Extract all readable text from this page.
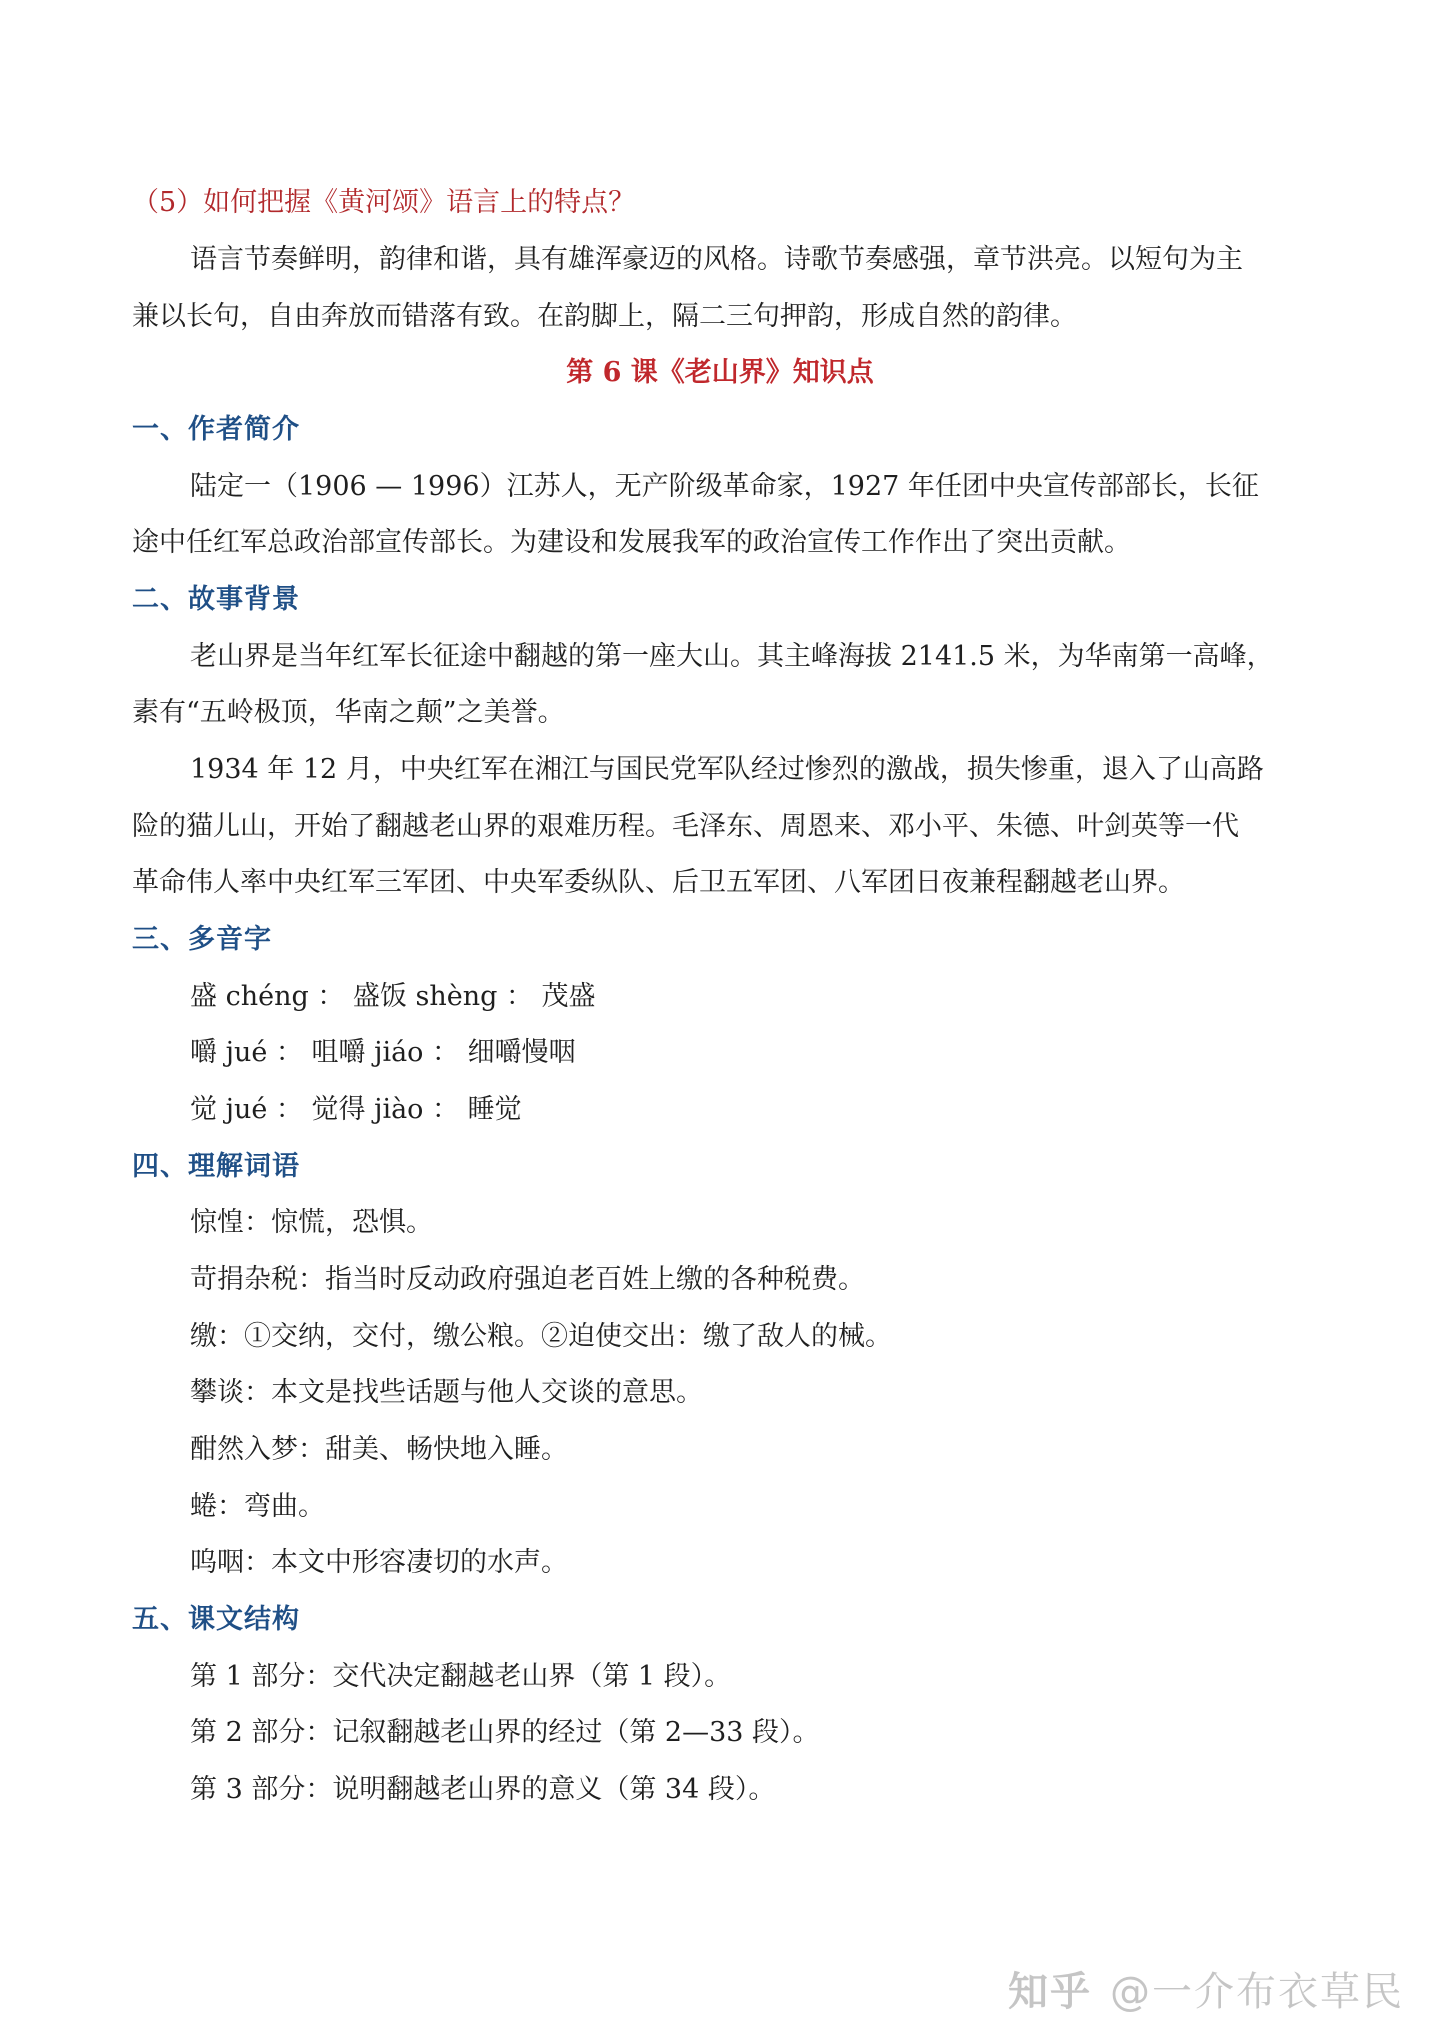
（5）如何把握《黄河颂》语言上的特点？
语言节奏鲜明，韵律和谐，具有雄浑豪迈的风格。诗歌节奏感强，章节洪亮。以短句为主
兼以长句，自由奔放而错落有致。在韵脚上，隔二三句押韵，形成自然的韵律。
第 6 课《老山界》知识点
一、作者简介
陆定一（1906 — 1996）江苏人，无产阶级革命家，1927 年任团中央宣传部部长，长征
途中任红军总政治部宣传部长。为建设和发展我军的政治宣传工作作出了突出贡献。
二、故事背景
老山界是当年红军长征途中翻越的第一座大山。其主峰海拔 2141.5 米，为华南第一高峰，
素有“五岭极顶，华南之颠”之美誉。
1934 年 12 月，中央红军在湘江与国民党军队经过惨烈的激战，损失惨重，退入了山高路
险的猫儿山，开始了翻越老山界的艰难历程。毛泽东、周恩来、邓小平、朱德、叶剑英等一代
革命伟人率中央红军三军团、中央军委纵队、后卫五军团、八军团日夜兼程翻越老山界。
三、多音字
盛 chéng ： 盛饭 shèng ： 茂盛
嚼 jué ： 咀嚼 jiáo ： 细嚼慢咽
觉 jué ： 觉得 jiào ： 睡觉
四、理解词语
惊惶：惊慌，恐惧。
苛捐杂税：指当时反动政府强迫老百姓上缴的各种税费。
缴：①交纳，交付，缴公粮。②迫使交出：缴了敌人的械。
攀谈：本文是找些话题与他人交谈的意思。
酣然入梦：甜美、畅快地入睡。
蜷：弯曲。
呜咽：本文中形容凄切的水声。
五、课文结构
第 1 部分：交代决定翻越老山界（第 1 段）。
第 2 部分：记叙翻越老山界的经过（第 2—33 段）。
第 3 部分：说明翻越老山界的意义（第 34 段）。
知乎 @一介布衣草民
